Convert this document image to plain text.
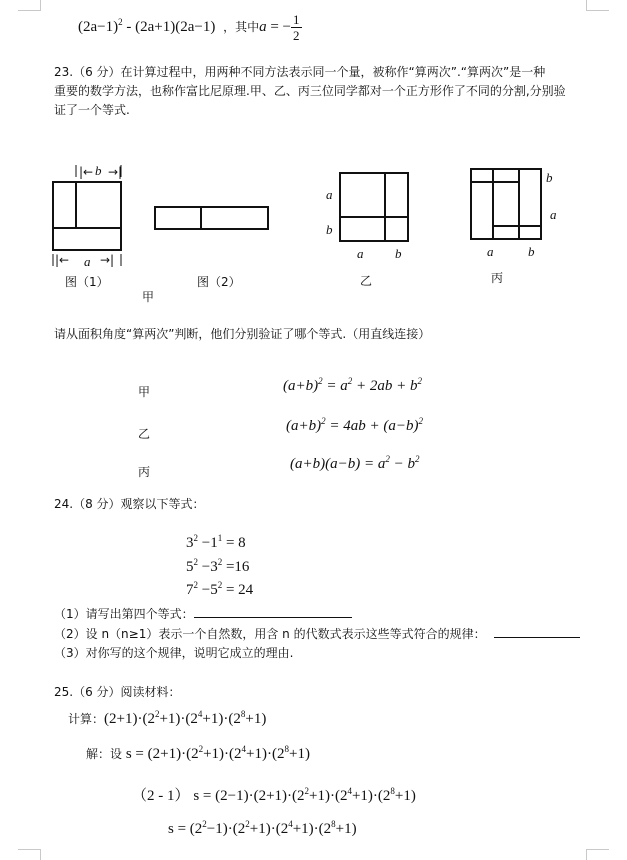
$(2a-1)^2 - (2a+1)(2a-1)$ ，其中a = − $\frac{1}{2}$
23.（6 分）在计算过程中，用两种不同方法表示同一个量，被称作“算两次”.“算两次”是一种
重要的数学方法，也称作富比尼原理.甲、乙、丙三位同学都对一个正方形作了不同的分割,分别验
证了一个等式.
|← →|
b
|←	→|
a
图（1）	图（2）
甲
a
b
a b
乙
b
a
a	b
丙
请从面积角度“算两次”判断，他们分别验证了哪个等式.（用直线连接）
甲
乙
丙
$(a+b)^2 = a^2 + 2ab + b^2$
$(a+b)^2 = 4ab + (a-b)^2$
$(a+b)(a-b) = a^2 - b^2$
24.（8 分）观察以下等式：
$3^2 -1^1 = 8$
$5^2 -3^2 =16$
$7^2 -5^2 = 24$
（1）请写出第四个等式：
（2）设 n（n≥1）表示一个自然数，用含 n 的代数式表示这些等式符合的规律：
（3）对你写的这个规律，说明它成立的理由.
25.（6 分）阅读材料：
计算：$(2+1)\cdot(2^2+1)\cdot(2^4+1)\cdot(2^8+1)$
解：设 $s = (2+1)\cdot(2^2+1)\cdot(2^4+1)\cdot(2^8+1)$
（2 - 1） $s = (2-1)\cdot(2+1)\cdot(2^2+1)\cdot(2^4+1)\cdot(2^8+1)$
$s = (2^2-1)\cdot(2^2+1)\cdot(2^4+1)\cdot(2^8+1)$
